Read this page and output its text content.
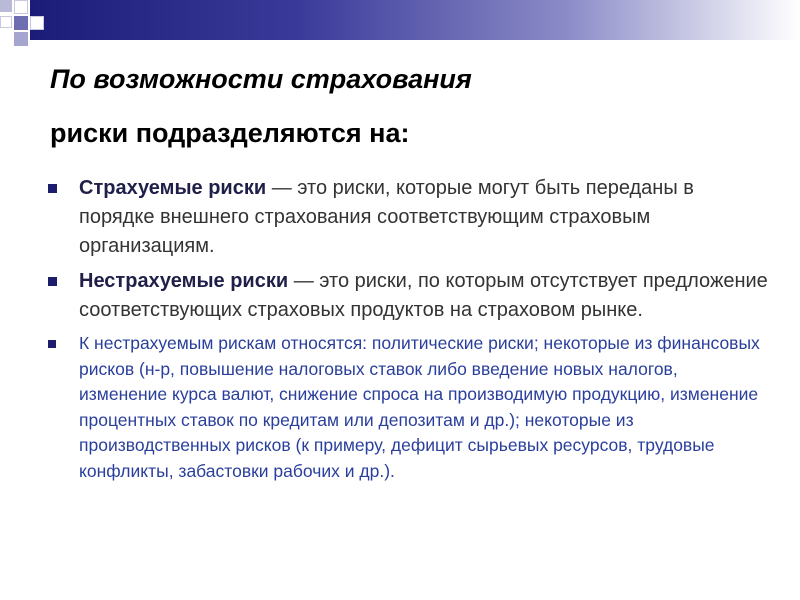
По возможности страхования
риски подразделяются на:
Страхуемые риски — это риски, которые могут быть переданы в порядке внешнего страхования соответствующим страховым организациям.
Нестрахуемые риски — это риски, по которым отсутствует предложение соответствующих страховых продуктов на страховом рынке.
К нестрахуемым рискам относятся: политические риски; некоторые из финансовых рисков (н-р, повышение налоговых ставок либо введение новых налогов, изменение курса валют, снижение спроса на производимую продукцию, изменение процентных ставок по кредитам или депозитам и др.); некоторые из производственных рисков (к примеру, дефицит сырьевых ресурсов, трудовые конфликты, забастовки рабочих и др.).
